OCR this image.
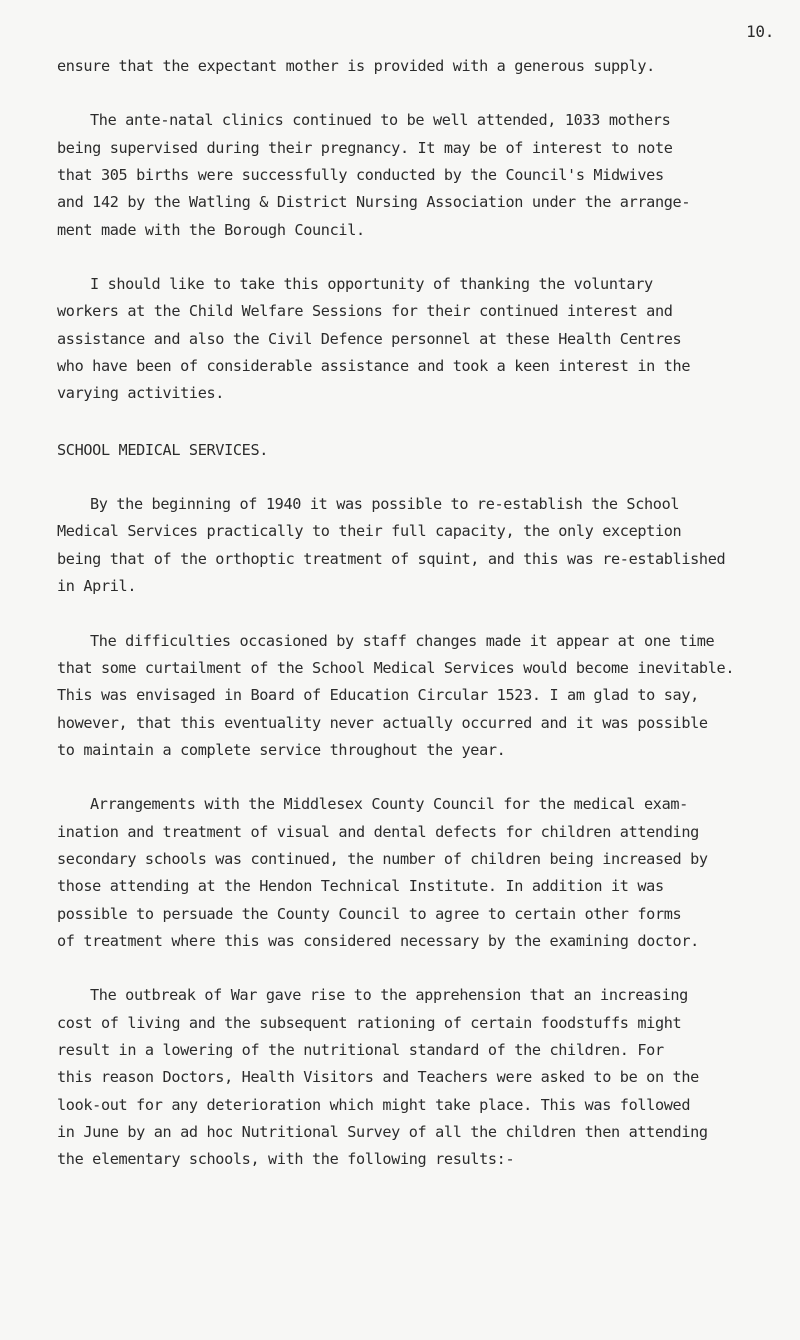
10.
ensure that the expectant mother is provided with a generous supply.
The ante-natal clinics continued to be well attended, 1033 mothers
being supervised during their pregnancy. It may be of interest to note
that 305 births were successfully conducted by the Council's Midwives
and 142 by the Watling & District Nursing Association under the arrange-
ment made with the Borough Council.
I should like to take this opportunity of thanking the voluntary
workers at the Child Welfare Sessions for their continued interest and
assistance and also the Civil Defence personnel at these Health Centres
who have been of considerable assistance and took a keen interest in the
varying activities.
SCHOOL MEDICAL SERVICES.
By the beginning of 1940 it was possible to re-establish the School
Medical Services practically to their full capacity, the only exception
being that of the orthoptic treatment of squint, and this was re-established
in April.
The difficulties occasioned by staff changes made it appear at one time
that some curtailment of the School Medical Services would become inevitable.
This was envisaged in Board of Education Circular 1523. I am glad to say,
however, that this eventuality never actually occurred and it was possible
to maintain a complete service throughout the year.
Arrangements with the Middlesex County Council for the medical exam-
ination and treatment of visual and dental defects for children attending
secondary schools was continued, the number of children being increased by
those attending at the Hendon Technical Institute. In addition it was
possible to persuade the County Council to agree to certain other forms
of treatment where this was considered necessary by the examining doctor.
The outbreak of War gave rise to the apprehension that an increasing
cost of living and the subsequent rationing of certain foodstuffs might
result in a lowering of the nutritional standard of the children. For
this reason Doctors, Health Visitors and Teachers were asked to be on the
look-out for any deterioration which might take place. This was followed
in June by an ad hoc Nutritional Survey of all the children then attending
the elementary schools, with the following results:-
